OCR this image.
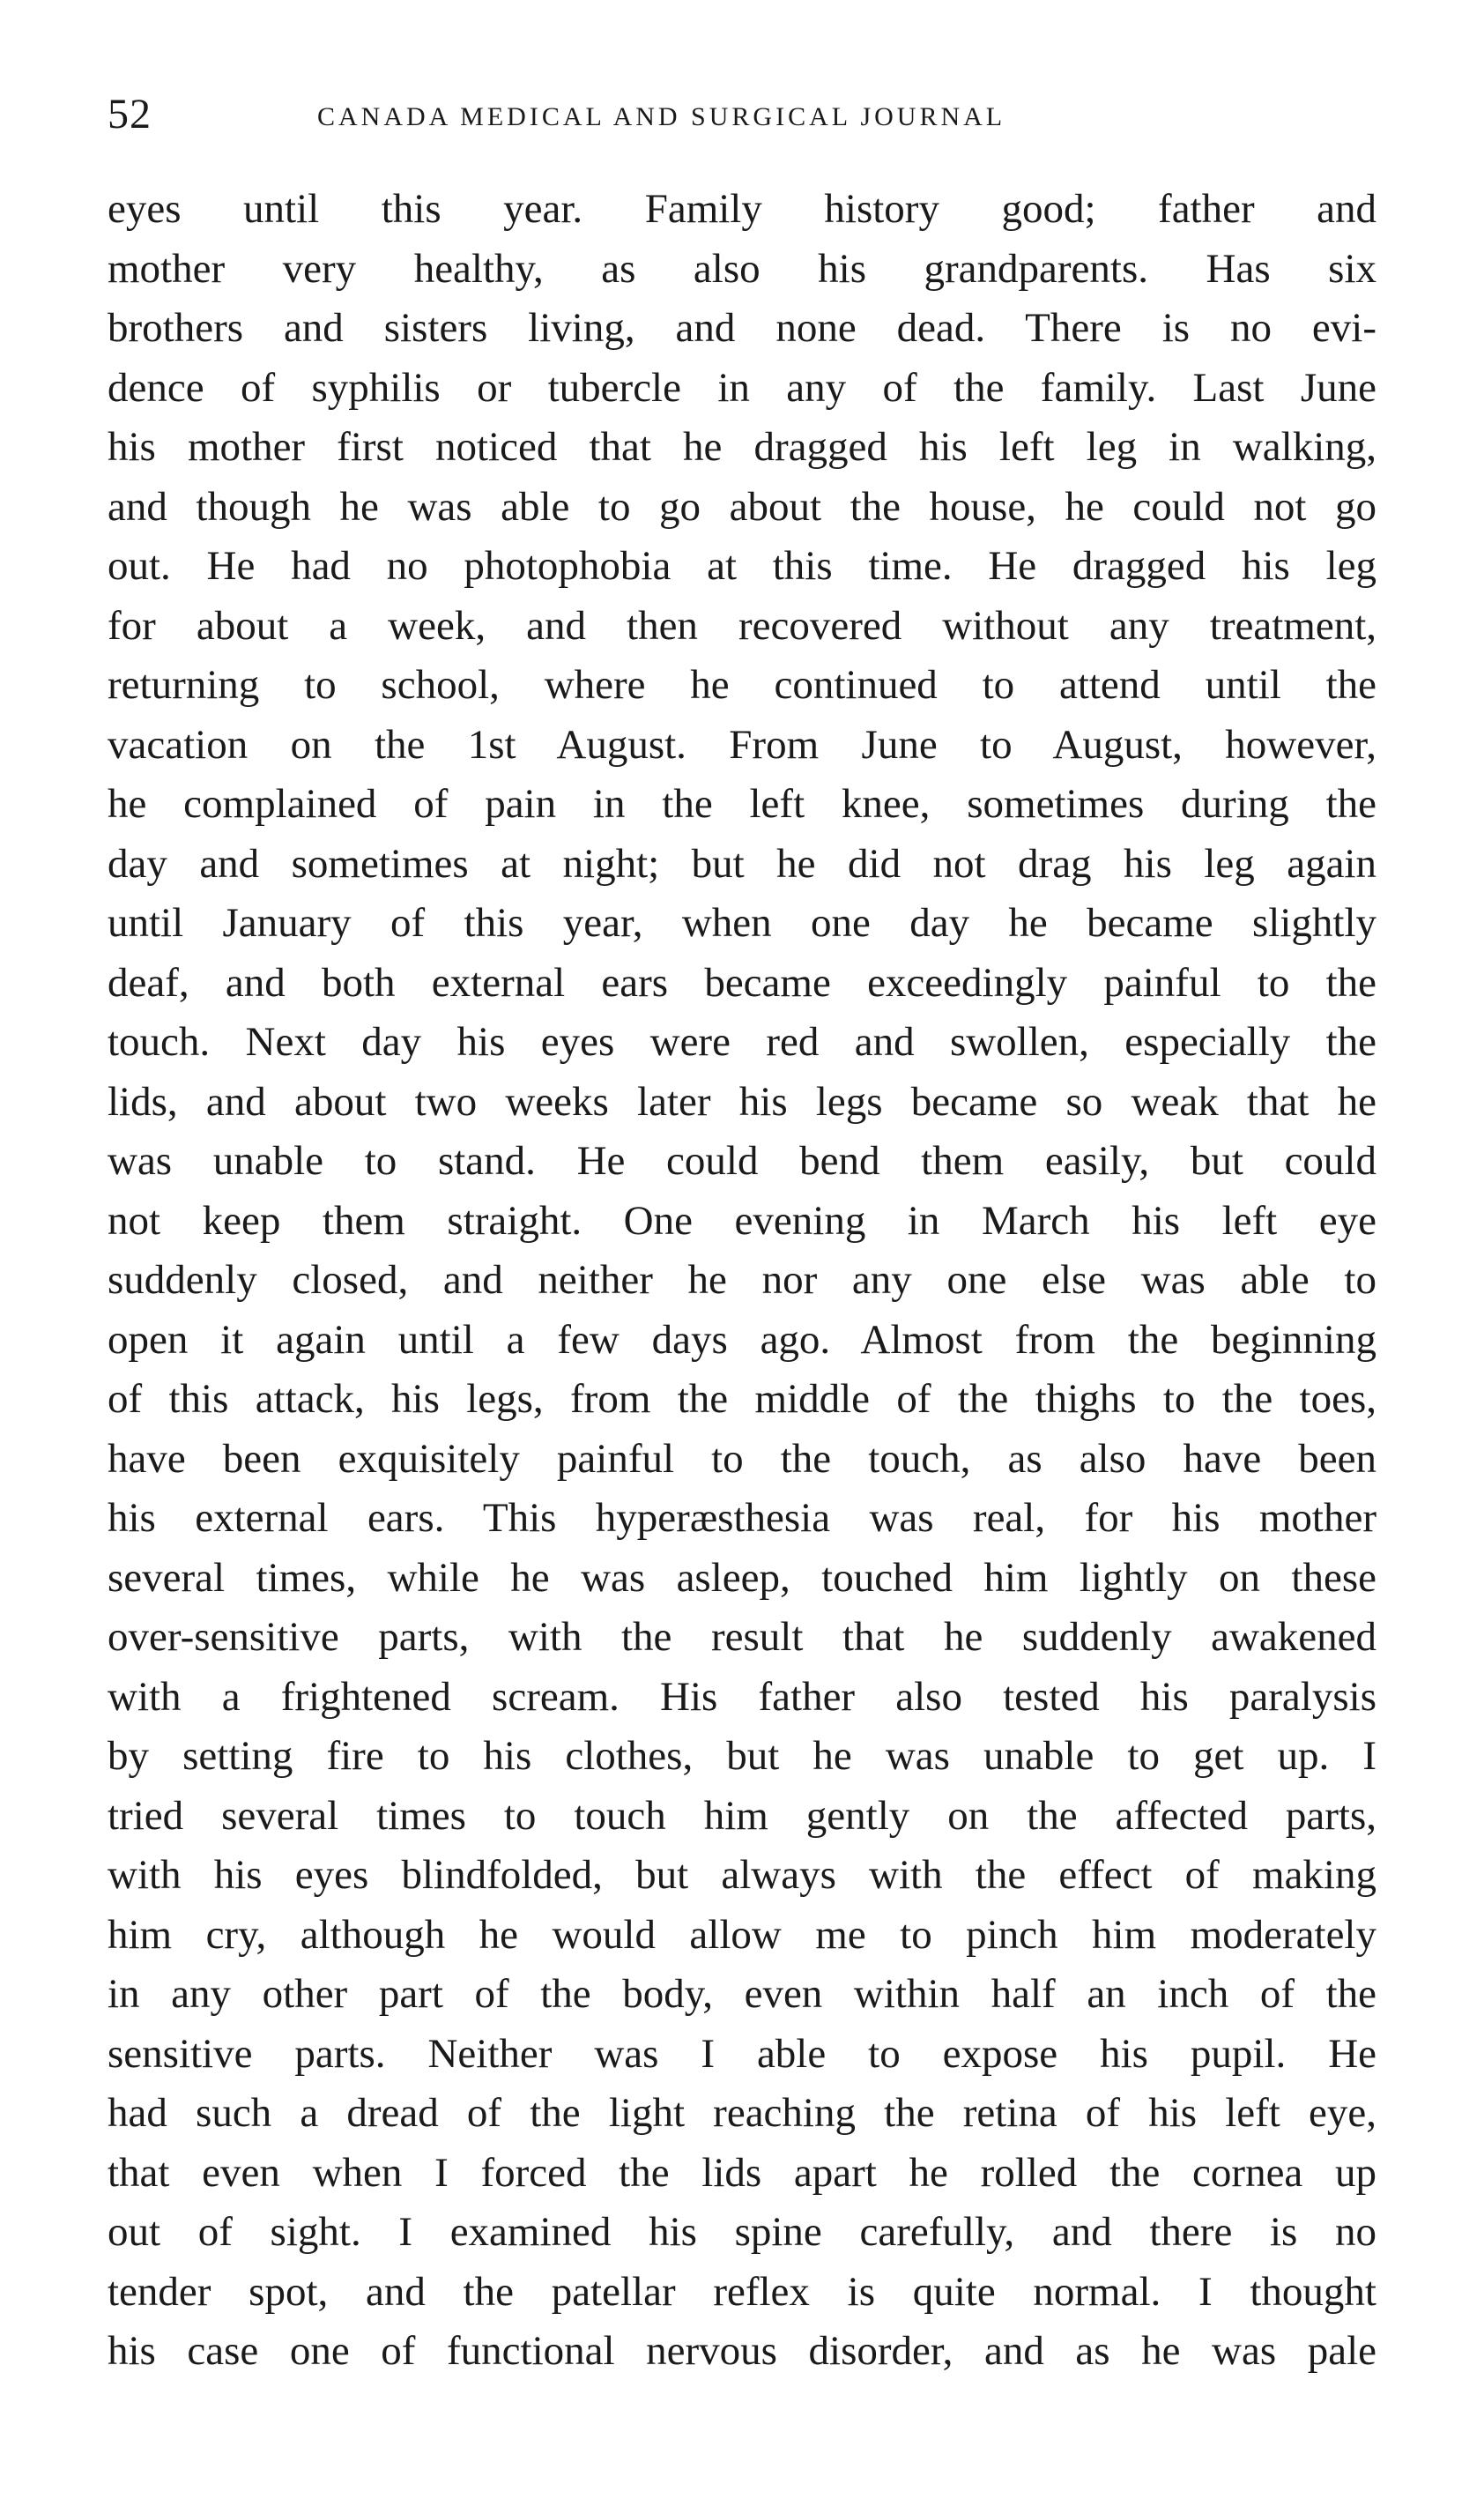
52	CANADA MEDICAL AND SURGICAL JOURNAL
eyes until this year. Family history good; father and
mother very healthy, as also his grandparents. Has six
brothers and sisters living, and none dead. There is no evi-
dence of syphilis or tubercle in any of the family. Last June
his mother first noticed that he dragged his left leg in walking,
and though he was able to go about the house, he could not go
out. He had no photophobia at this time. He dragged his leg
for about a week, and then recovered without any treatment,
returning to school, where he continued to attend until the
vacation on the 1st August. From June to August, however,
he complained of pain in the left knee, sometimes during the
day and sometimes at night; but he did not drag his leg again
until January of this year, when one day he became slightly
deaf, and both external ears became exceedingly painful to the
touch. Next day his eyes were red and swollen, especially the
lids, and about two weeks later his legs became so weak that he
was unable to stand. He could bend them easily, but could
not keep them straight. One evening in March his left eye
suddenly closed, and neither he nor any one else was able to
open it again until a few days ago. Almost from the beginning
of this attack, his legs, from the middle of the thighs to the toes,
have been exquisitely painful to the touch, as also have been
his external ears. This hyperæsthesia was real, for his mother
several times, while he was asleep, touched him lightly on these
over-sensitive parts, with the result that he suddenly awakened
with a frightened scream. His father also tested his paralysis
by setting fire to his clothes, but he was unable to get up. I
tried several times to touch him gently on the affected parts,
with his eyes blindfolded, but always with the effect of making
him cry, although he would allow me to pinch him moderately
in any other part of the body, even within half an inch of the
sensitive parts. Neither was I able to expose his pupil. He
had such a dread of the light reaching the retina of his left eye,
that even when I forced the lids apart he rolled the cornea up
out of sight. I examined his spine carefully, and there is no
tender spot, and the patellar reflex is quite normal. I thought
his case one of functional nervous disorder, and as he was pale
